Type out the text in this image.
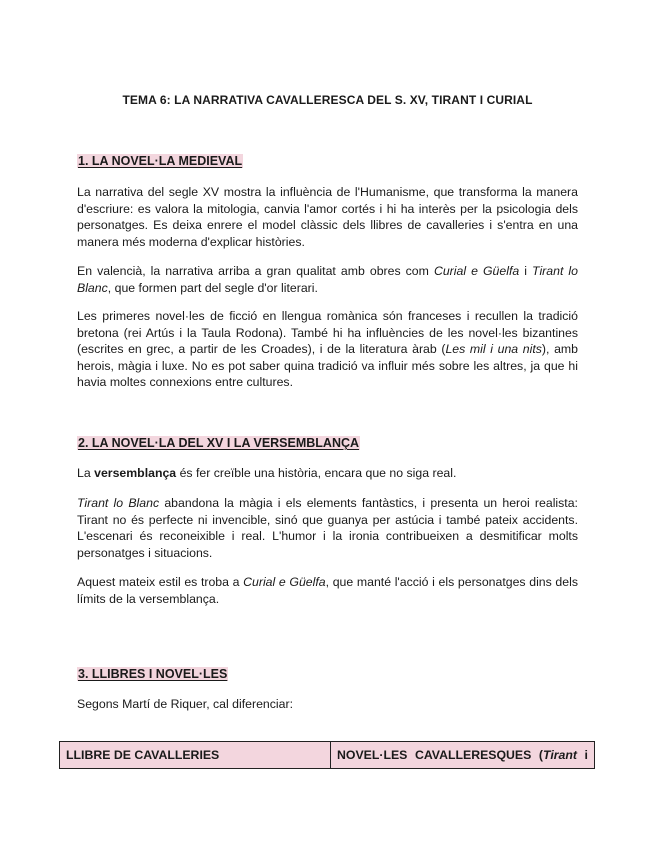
TEMA 6: LA NARRATIVA CAVALLERESCA DEL S. XV, TIRANT I CURIAL
1. LA NOVEL·LA MEDIEVAL

La narrativa del segle XV mostra la influència de l'Humanisme, que transforma la manera d'escriure: es valora la mitologia, canvia l'amor cortés i hi ha interès per la psicologia dels personatges. Es deixa enrere el model clàssic dels llibres de cavalleries i s'entra en una manera més moderna d'explicar històries.

En valencià, la narrativa arriba a gran qualitat amb obres com Curial e Güelfa i Tirant lo Blanc, que formen part del segle d'or literari.

Les primeres novel·les de ficció en llengua romànica són franceses i recullen la tradició bretona (rei Artús i la Taula Rodona). També hi ha influències de les novel·les bizantines (escrites en grec, a partir de les Croades), i de la literatura àrab (Les mil i una nits), amb herois, màgia i luxe. No es pot saber quina tradició va influir més sobre les altres, ja que hi havia moltes connexions entre cultures.

2. LA NOVEL·LA DEL XV I LA VERSEMBLANÇA

La versemblança és fer creïble una història, encara que no siga real.

Tirant lo Blanc abandona la màgia i els elements fantàstics, i presenta un heroi realista: Tirant no és perfecte ni invencible, sinó que guanya per astúcia i també pateix accidents. L'escenari és reconeixible i real. L'humor i la ironia contribueixen a desmitificar molts personatges i situacions.

Aquest mateix estil es troba a Curial e Güelfa, que manté l'acció i els personatges dins dels límits de la versemblança.

3. LLIBRES I NOVEL·LES
Segons Martí de Riquer, cal diferenciar:
LLIBRE DE CAVALLERIES	NOVEL·LES CAVALLERESQUES (Tirant i
